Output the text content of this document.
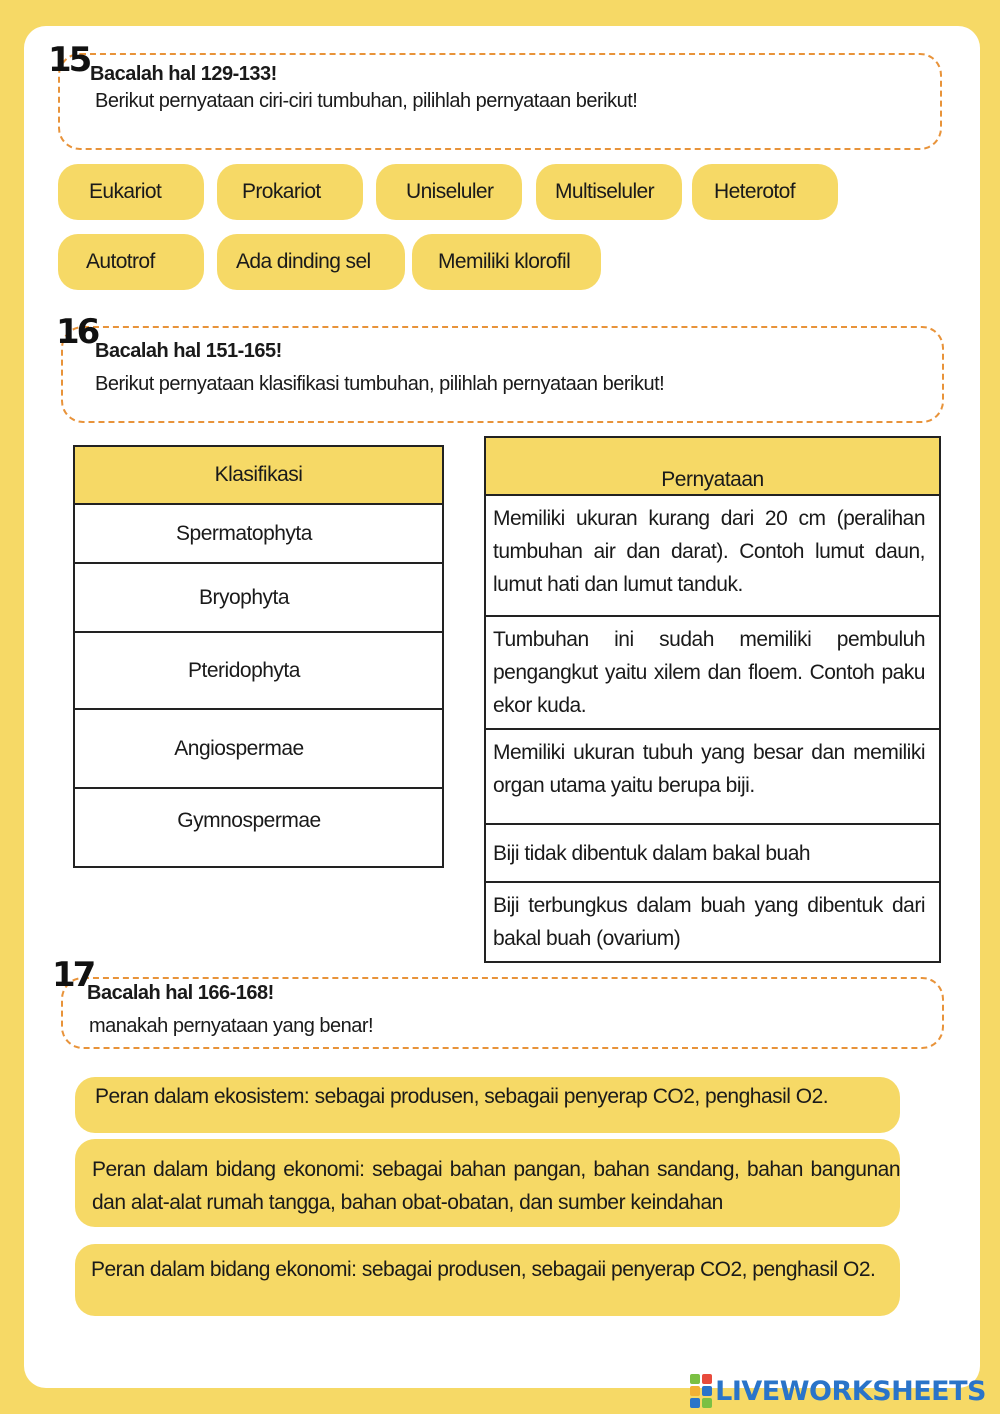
15 Bacalah hal 129-133!
Berikut pernyataan ciri-ciri tumbuhan, pilihlah pernyataan berikut!
Eukariot	Prokariot	Uniseluler	Multiseluler	Heterotof
Autotrof	Ada dinding sel	Memiliki klorofil
16
Bacalah hal 151-165!
Berikut pernyataan klasifikasi tumbuhan, pilihlah pernyataan berikut!
Klasifikasi
Spermatophyta
Bryophyta
Pteridophyta
Angiospermae
Gymnospermae
Pernyataan
Memiliki ukuran kurang dari 20 cm (peralihan tumbuhan air dan darat). Contoh lumut daun, lumut hati dan lumut tanduk.
Tumbuhan ini sudah memiliki pembuluh pengangkut yaitu xilem dan floem. Contoh paku ekor kuda.
Memiliki ukuran tubuh yang besar dan memiliki organ utama yaitu berupa biji.
Biji tidak dibentuk dalam bakal buah
Biji terbungkus dalam buah yang dibentuk dari bakal buah (ovarium)
17
Bacalah hal 166-168!
manakah pernyataan yang benar!
Peran dalam ekosistem: sebagai produsen, sebagaii penyerap CO2, penghasil O2.
Peran dalam bidang ekonomi: sebagai bahan pangan, bahan sandang, bahan bangunan dan alat-alat rumah tangga, bahan obat-obatan, dan sumber keindahan
Peran dalam bidang ekonomi: sebagai produsen, sebagaii penyerap CO2, penghasil O2.
LIVEWORKSHEETS
